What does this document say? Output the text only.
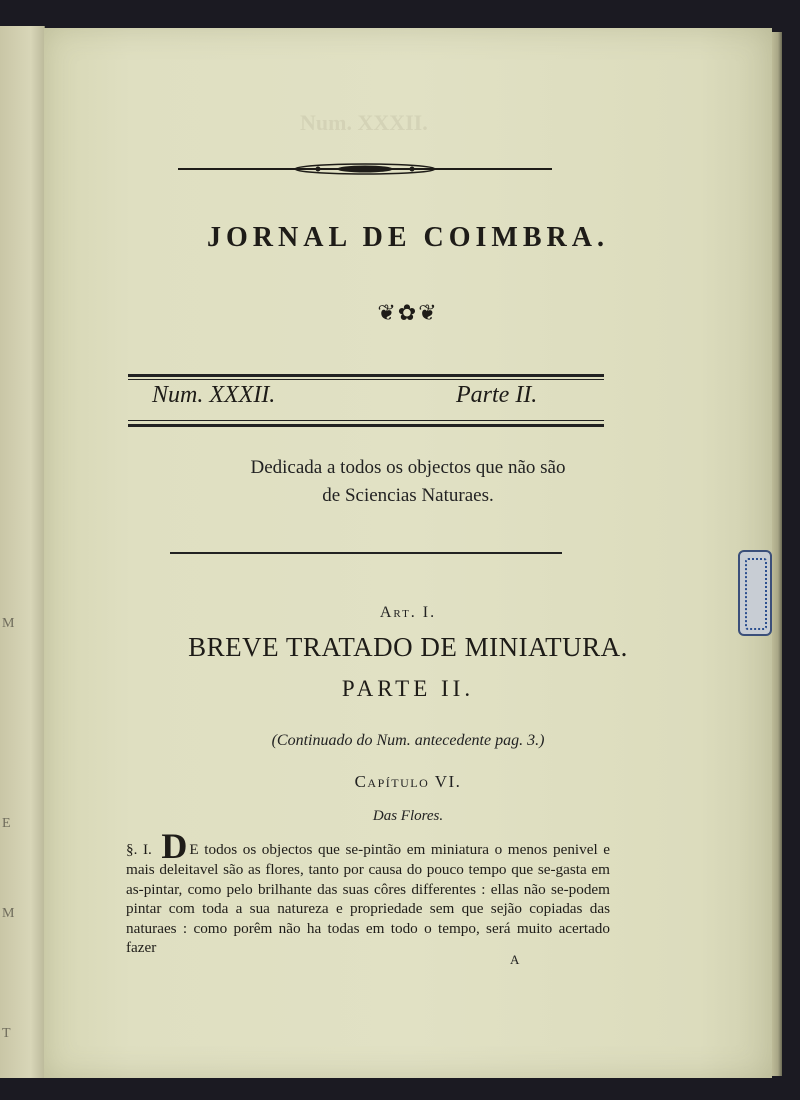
M
E
M
T
Num. XXXII.
JORNAL DE COIMBRA.
❦✿❦
Num. XXXII.	Parte II.
Dedicada a todos os objectos que não são
de Sciencias Naturaes.
Art. I.
BREVE TRATADO DE MINIATURA.
PARTE II.
(Continuado do Num. antecedente pag. 3.)
Capítulo VI.
Das Flores.
§. I. D E todos os objectos que se-pintão em miniatura o menos penivel e mais deleitavel são as flores, tanto por causa do pouco tempo que se-gasta em as-pintar, como pelo brilhante das suas côres differentes : ellas não se-podem pintar com toda a sua natureza e propriedade sem que sejão copiadas das naturaes : como porêm não ha todas em todo o tempo, será muito acertado fazer
A
